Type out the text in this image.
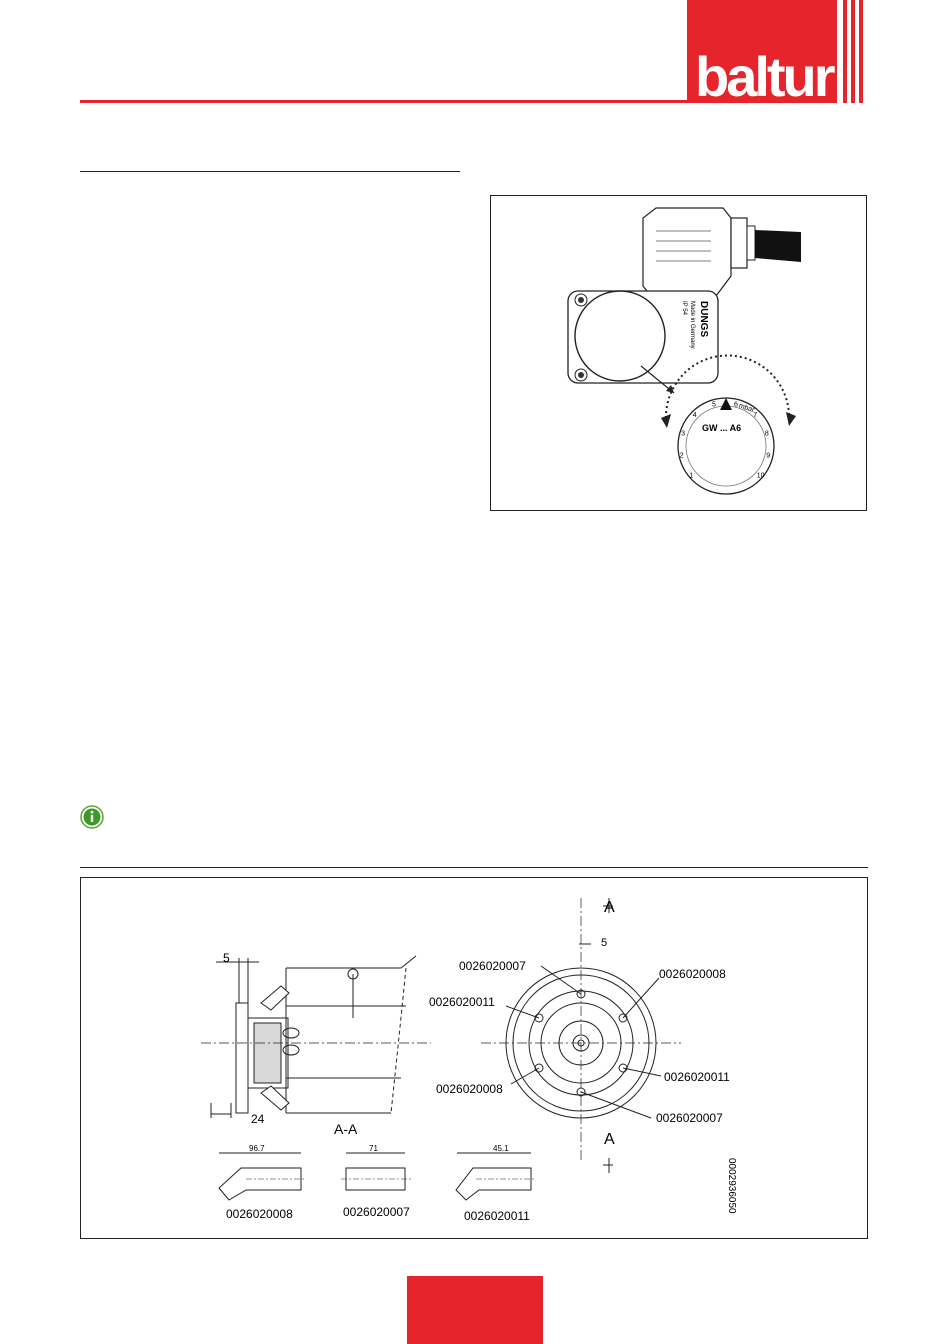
baltur
DUNGS
Made in Germany
IP 54
GW ... A6
mbar
1
2
3
4
5	6
7
8
9
10
5
24
A-A
A
A
5
0026020007
0026020008
0026020011
0026020011
0026020008
0026020007
96.7
0026020008
71
0026020007
45.1
0026020011
0002936050
